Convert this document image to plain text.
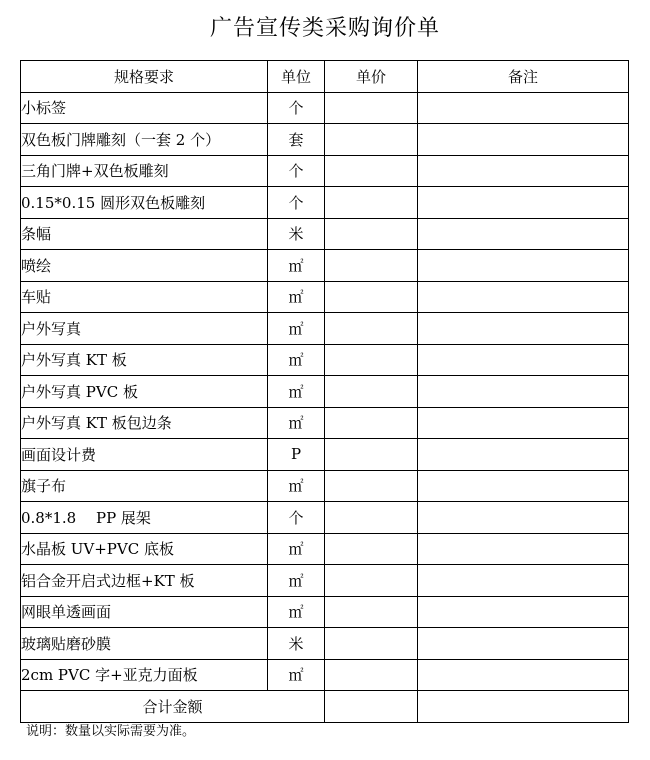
广告宣传类采购询价单
规格要求	单位	单价	备注
小标签	个		
双色板门牌雕刻（一套 2 个）	套		
三角门牌+双色板雕刻	个		
0.15*0.15 圆形双色板雕刻	个		
条幅	米		
喷绘	㎡		
车贴	㎡		
户外写真	㎡		
户外写真 KT 板	㎡		
户外写真 PVC 板	㎡		
户外写真 KT 板包边条	㎡		
画面设计费	P		
旗子布	㎡		
0.8*1.8　 PP 展架	个		
水晶板 UV+PVC 底板	㎡		
铝合金开启式边框+KT 板	㎡		
网眼单透画面	㎡		
玻璃贴磨砂膜	米		
2cm PVC 字+亚克力面板	㎡		
合计金额			
说明：数量以实际需要为准。
